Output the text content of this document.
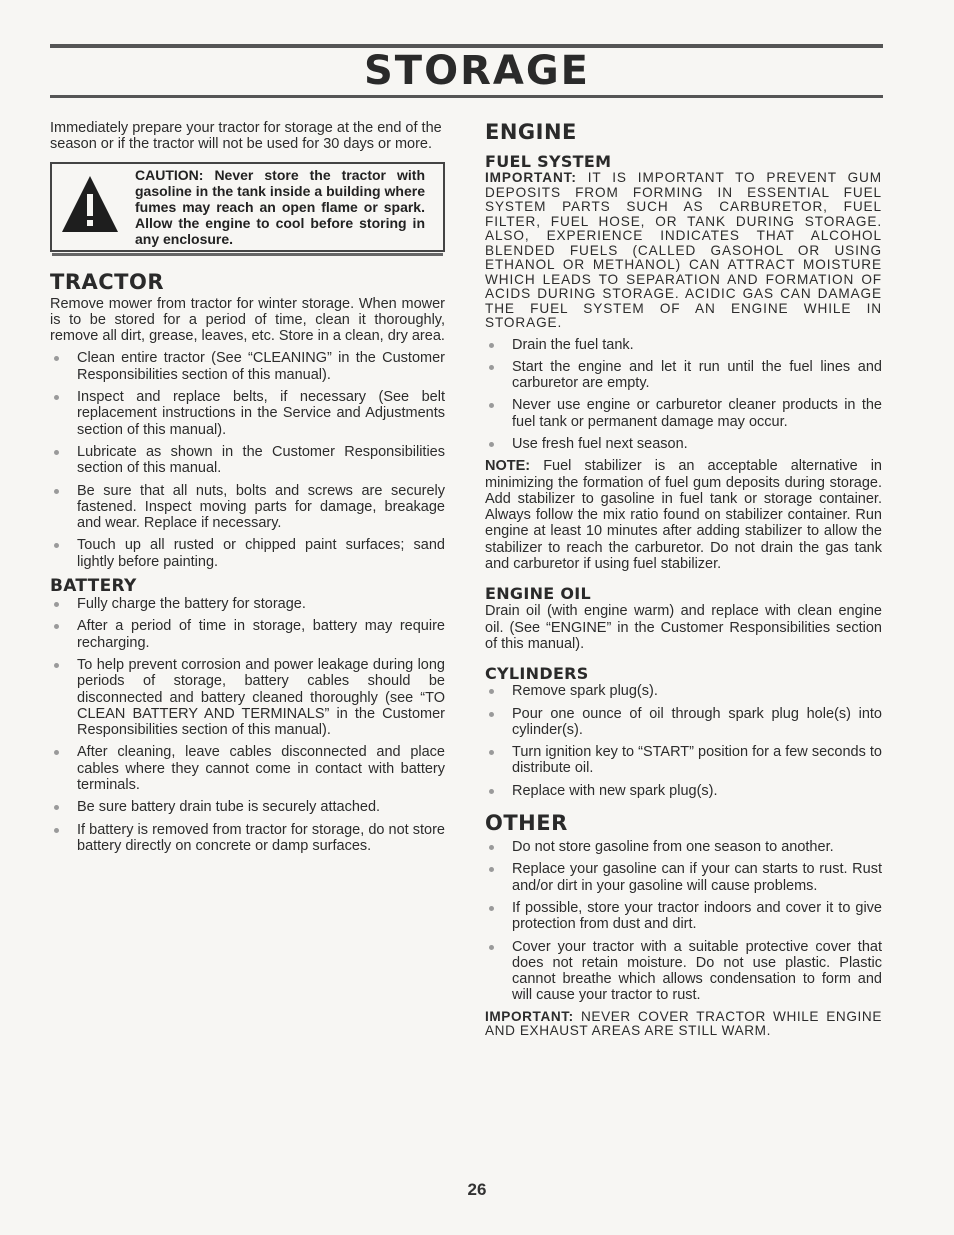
STORAGE

Immediately prepare your tractor for storage at the end of the season or if the tractor will not be used for 30 days or more.

CAUTION: Never store the tractor with gasoline in the tank inside a building where fumes may reach an open flame or spark. Allow the engine to cool before storing in any enclosure.
TRACTOR

Remove mower from tractor for winter storage. When mower is to be stored for a period of time, clean it thoroughly, remove all dirt, grease, leaves, etc. Store in a clean, dry area.

Clean entire tractor (See “CLEANING” in the Customer Responsibilities section of this manual).
Inspect and replace belts, if necessary (See belt replacement instructions in the Service and Adjustments section of this manual).
Lubricate as shown in the Customer Responsibilities section of this manual.
Be sure that all nuts, bolts and screws are securely fastened. Inspect moving parts for damage, breakage and wear. Replace if necessary.
Touch up all rusted or chipped paint surfaces; sand lightly before painting.
BATTERY
Fully charge the battery for storage.
After a period of time in storage, battery may require recharging.
To help prevent corrosion and power leakage during long periods of storage, battery cables should be disconnected and battery cleaned thoroughly (see “TO CLEAN BATTERY AND TERMINALS” in the Customer Responsibilities section of this manual).
After cleaning, leave cables disconnected and place cables where they cannot come in contact with battery terminals.
Be sure battery drain tube is securely attached.
If battery is removed from tractor for storage, do not store battery directly on concrete or damp surfaces.
ENGINE
FUEL SYSTEM

IMPORTANT: IT IS IMPORTANT TO PREVENT GUM DEPOSITS FROM FORMING IN ESSENTIAL FUEL SYSTEM PARTS SUCH AS CARBURETOR, FUEL FILTER, FUEL HOSE, OR TANK DURING STORAGE. ALSO, EXPERIENCE INDICATES THAT ALCOHOL BLENDED FUELS (CALLED GASOHOL OR USING ETHANOL OR METHANOL) CAN ATTRACT MOISTURE WHICH LEADS TO SEPARATION AND FORMATION OF ACIDS DURING STORAGE. ACIDIC GAS CAN DAMAGE THE FUEL SYSTEM OF AN ENGINE WHILE IN STORAGE.

Drain the fuel tank.
Start the engine and let it run until the fuel lines and carburetor are empty.
Never use engine or carburetor cleaner products in the fuel tank or permanent damage may occur.
Use fresh fuel next season.

NOTE: Fuel stabilizer is an acceptable alternative in minimizing the formation of fuel gum deposits during storage. Add stabilizer to gasoline in fuel tank or storage container. Always follow the mix ratio found on stabilizer container. Run engine at least 10 minutes after adding stabilizer to allow the stabilizer to reach the carburetor. Do not drain the gas tank and carburetor if using fuel stabilizer.

ENGINE OIL

Drain oil (with engine warm) and replace with clean engine oil. (See “ENGINE” in the Customer Responsibilities section of this manual).

CYLINDERS
Remove spark plug(s).
Pour one ounce of oil through spark plug hole(s) into cylinder(s).
Turn ignition key to “START” position for a few seconds to distribute oil.
Replace with new spark plug(s).
OTHER
Do not store gasoline from one season to another.
Replace your gasoline can if your can starts to rust. Rust and/or dirt in your gasoline will cause problems.
If possible, store your tractor indoors and cover it to give protection from dust and dirt.
Cover your tractor with a suitable protective cover that does not retain moisture. Do not use plastic. Plastic cannot breathe which allows condensation to form and will cause your tractor to rust.

IMPORTANT: NEVER COVER TRACTOR WHILE ENGINE AND EXHAUST AREAS ARE STILL WARM.

26
